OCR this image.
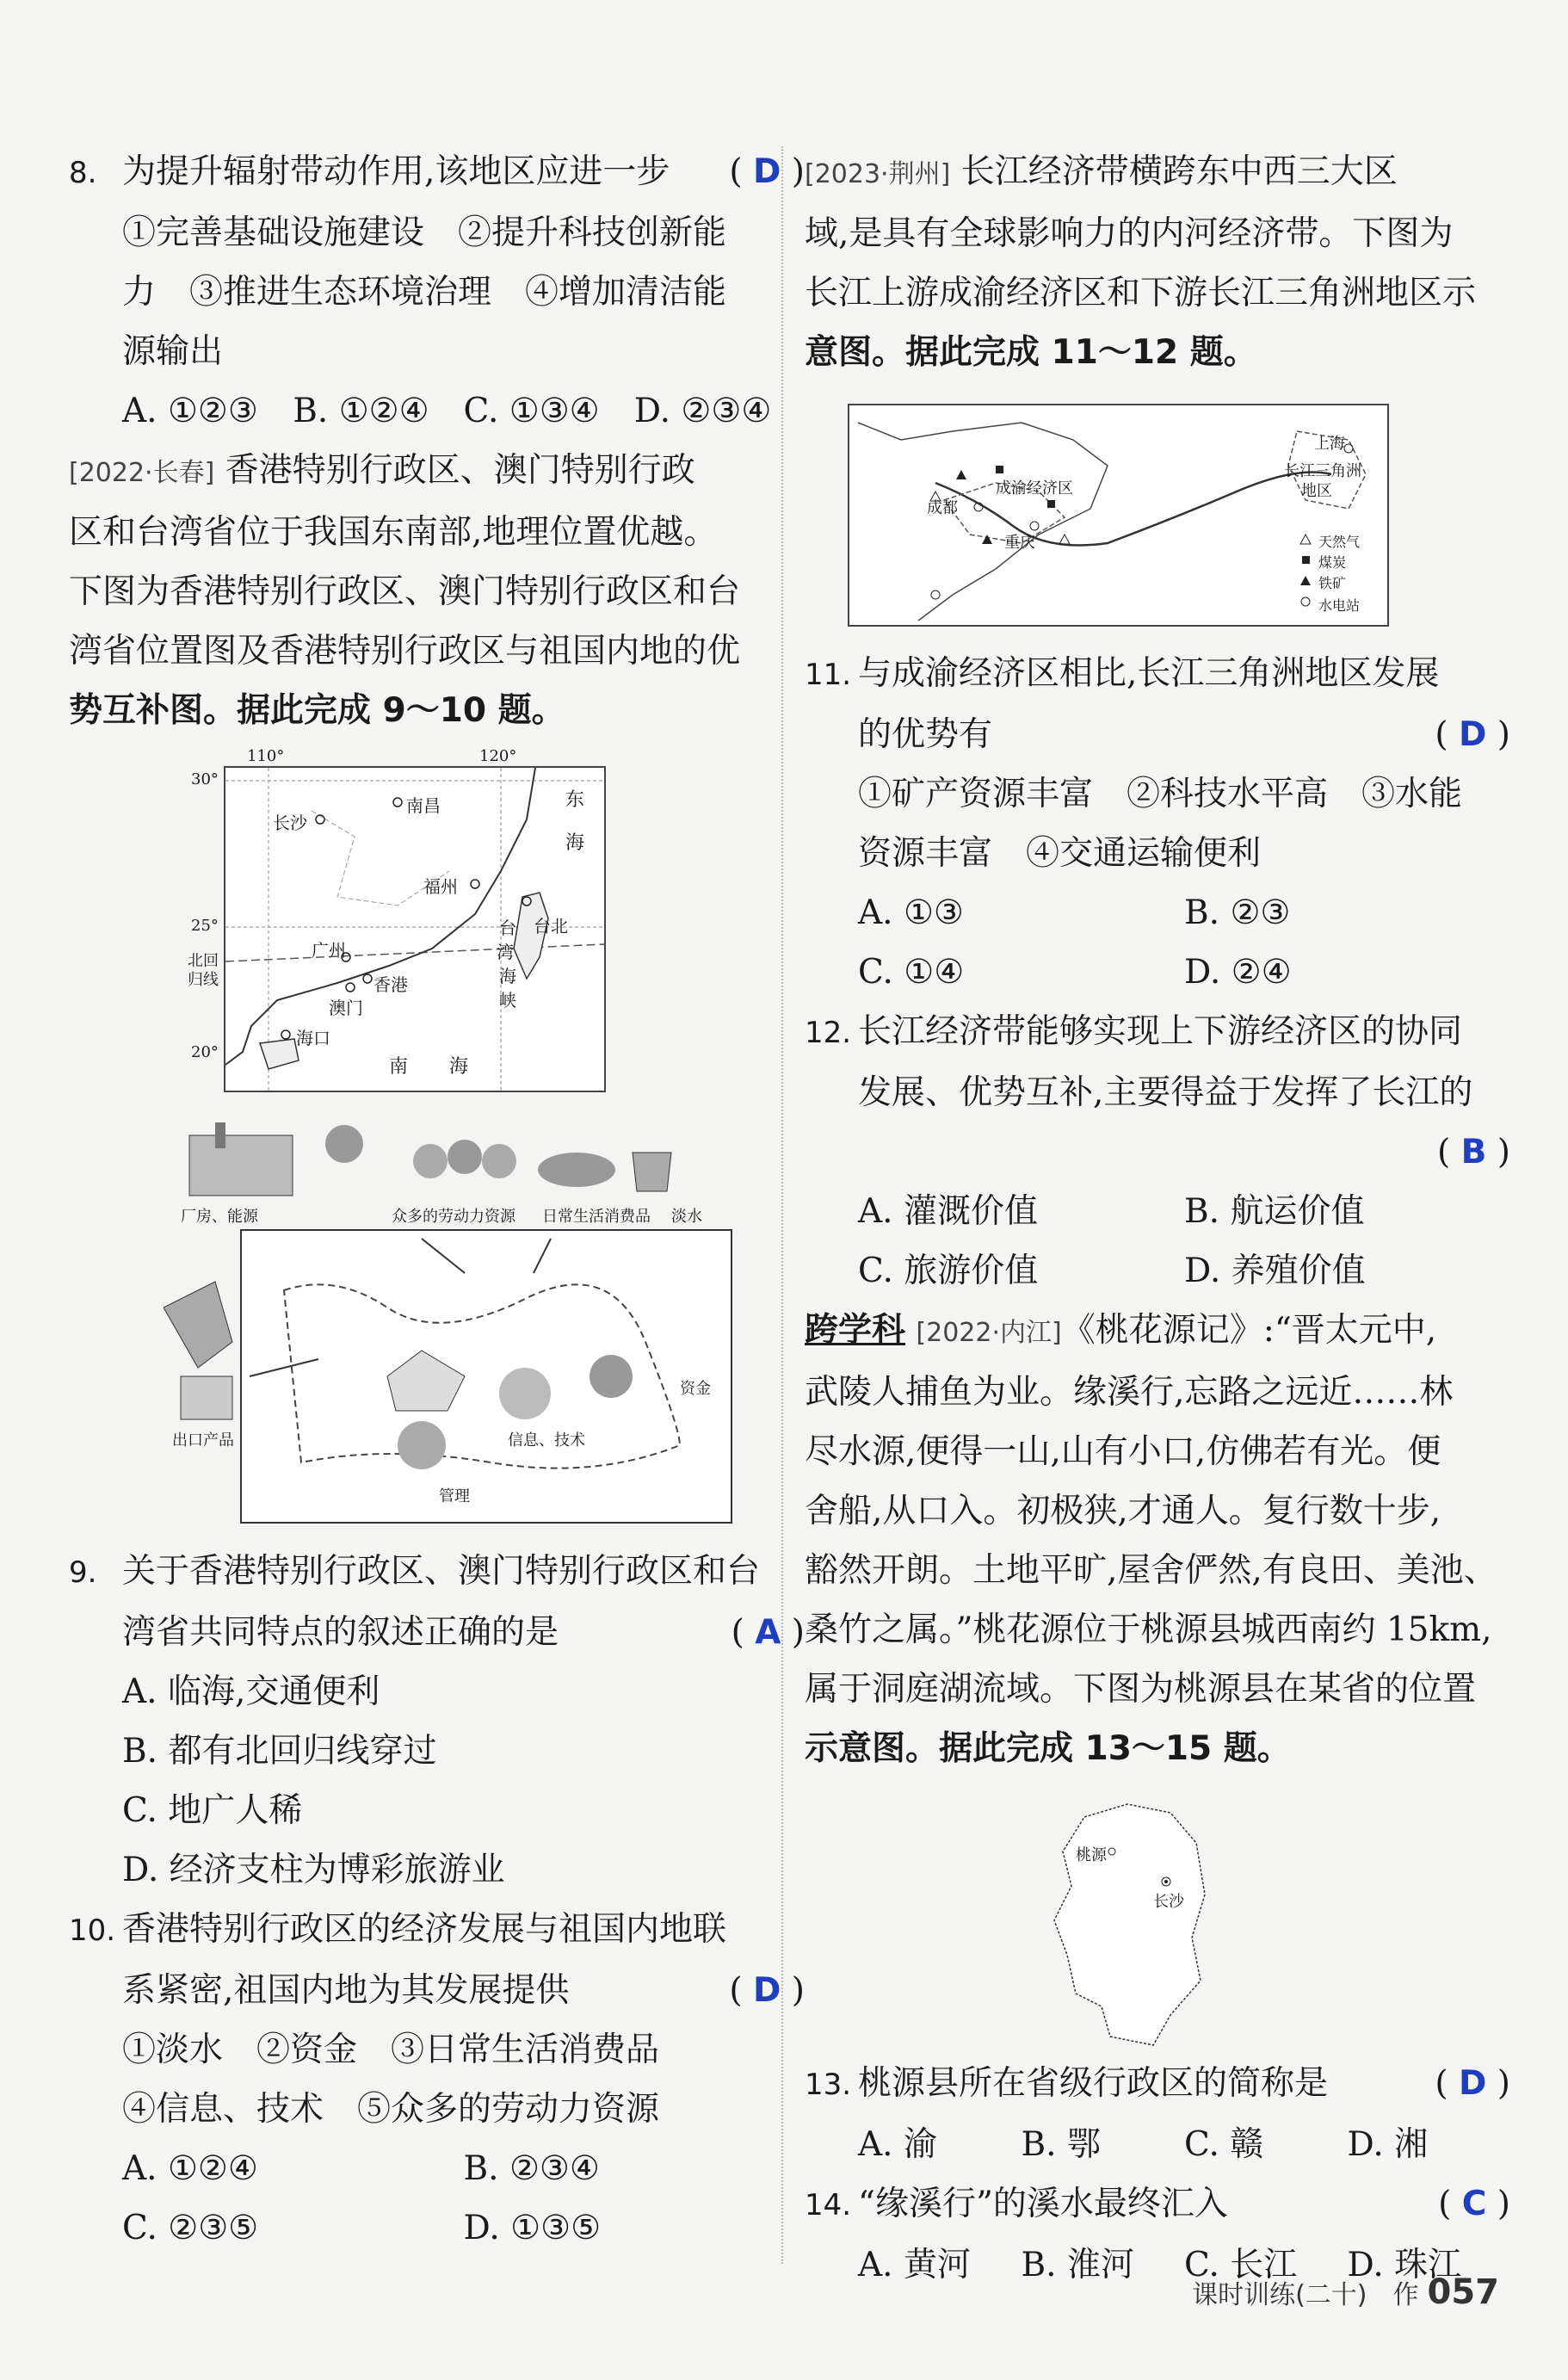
8. 为提升辐射带动作用,该地区应进一步 ( D )
①完善基础设施建设　②提升科技创新能
力　③推进生态环境治理　④增加清洁能
源输出
A. ①②③	B. ①②④	C. ①③④	D. ②③④
[2022·长春] 香港特别行政区、澳门特别行政
区和台湾省位于我国东南部,地理位置优越。
下图为香港特别行政区、澳门特别行政区和台
湾省位置图及香港特别行政区与祖国内地的优
势互补图。据此完成 9～10 题。
110°	120°
30°
25°
20°
北回
归线
长沙
南昌
福州
台北
广州
香港
澳门
海口
东
海
台
湾
海
峡
南 海
厂房、能源	众多的劳动力资源 日常生活消费品 淡水
出口产品	信息、技术
管理
资金
9. 关于香港特别行政区、澳门特别行政区和台
湾省共同特点的叙述正确的是	( A )
A. 临海,交通便利
B. 都有北回归线穿过
C. 地广人稀
D. 经济支柱为博彩旅游业
10. 香港特别行政区的经济发展与祖国内地联
系紧密,祖国内地为其发展提供	( D )
①淡水　②资金　③日常生活消费品
④信息、技术　⑤众多的劳动力资源
A. ①②④	B. ②③④
C. ②③⑤	D. ①③⑤
[2023·荆州] 长江经济带横跨东中西三大区
域,是具有全球影响力的内河经济带。下图为
长江上游成渝经济区和下游长江三角洲地区示
意图。据此完成 11～12 题。
成都
成渝经济区
重庆
上海
长江三角洲
地区
天然气
煤炭
铁矿
水电站
11. 与成渝经济区相比,长江三角洲地区发展
的优势有	( D )
①矿产资源丰富　②科技水平高　③水能
资源丰富　④交通运输便利
A. ①③	B. ②③
C. ①④	D. ②④
12. 长江经济带能够实现上下游经济区的协同
发展、优势互补,主要得益于发挥了长江的
( B )
A. 灌溉价值	B. 航运价值
C. 旅游价值	D. 养殖价值
跨学科 [2022·内江]《桃花源记》:“晋太元中,
武陵人捕鱼为业。缘溪行,忘路之远近……林
尽水源,便得一山,山有小口,仿佛若有光。便
舍船,从口入。初极狭,才通人。复行数十步,
豁然开朗。土地平旷,屋舍俨然,有良田、美池、
桑竹之属。”桃花源位于桃源县城西南约 15km,
属于洞庭湖流域。下图为桃源县在某省的位置
示意图。据此完成 13～15 题。
桃源
长沙
13. 桃源县所在省级行政区的简称是	( D )
A. 渝	B. 鄂	C. 赣	D. 湘
14. “缘溪行”的溪水最终汇入	( C )
A. 黄河	B. 淮河	C. 长江	D. 珠江
课时训练(二十)　作 057
